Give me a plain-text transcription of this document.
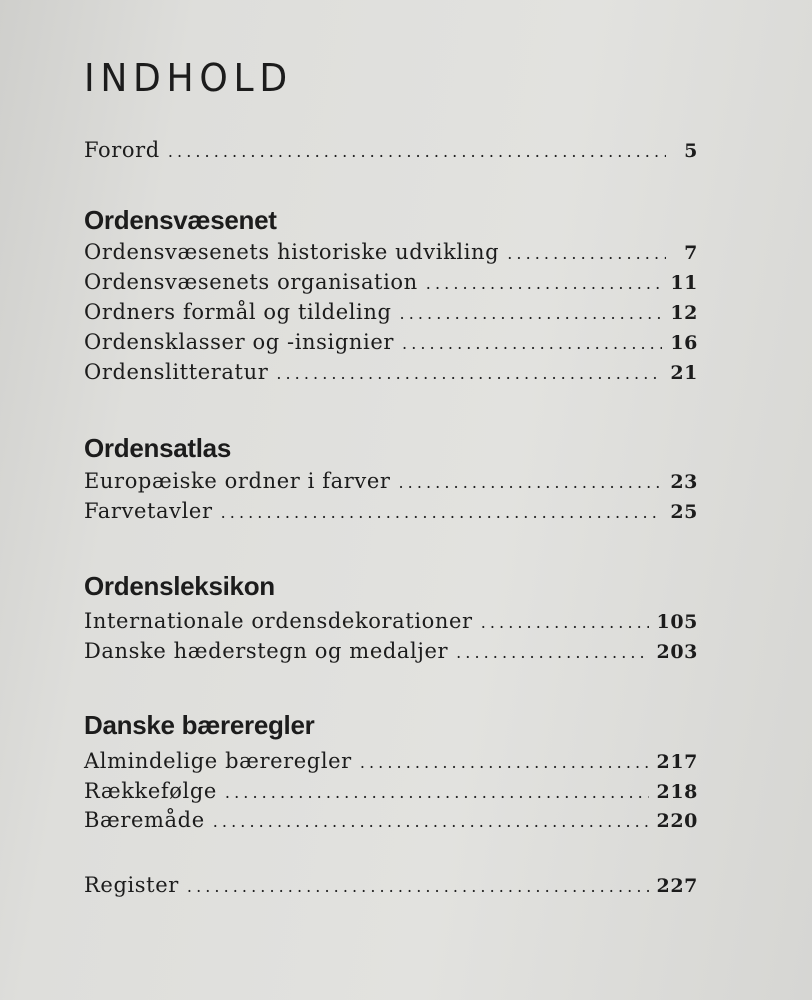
INDHOLD
Forord . . .	5
Ordensvæsenet
Ordensvæsenets historiske udvikling . . .	7
Ordensvæsenets organisation . . .	11
Ordners formål og tildeling . . .	12
Ordensklasser og -insignier . . .	16
Ordenslitteratur . . .	21
Ordensatlas
Europæiske ordner i farver . . .	23
Farvetavler . . .	25
Ordensleksikon
Internationale ordensdekorationer . . .	105
Danske hæderstegn og medaljer . . .	203
Danske bæreregler
Almindelige bæreregler . . .	217
Rækkefølge . . .	218
Bæremåde . . .	220
Register . . .	227
